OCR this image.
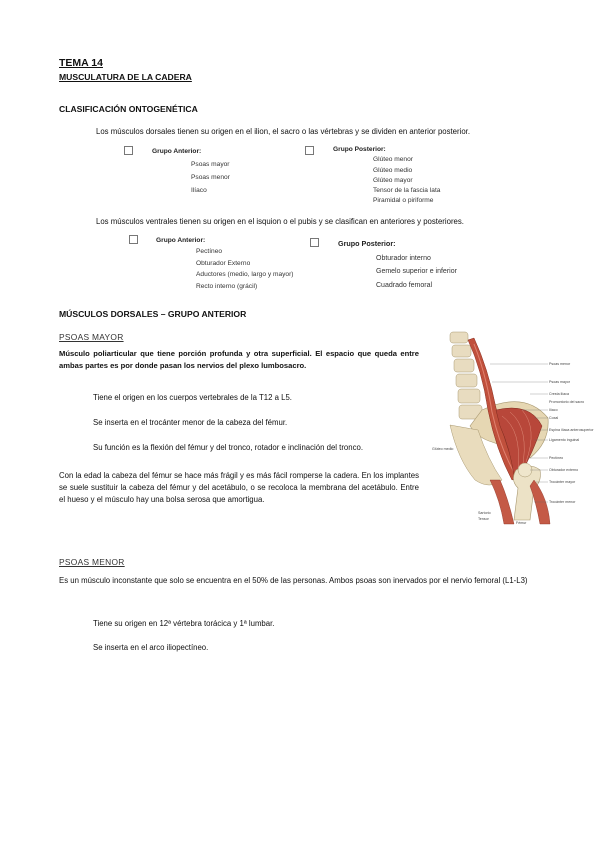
TEMA 14
MUSCULATURA DE LA CADERA
CLASIFICACIÓN ONTOGENÉTICA
Los músculos dorsales tienen su origen en el ilion, el sacro o las vértebras y se dividen en anterior posterior.
Grupo Anterior:
Psoas mayor
Psoas menor
Ilíaco
Grupo Posterior:
Glúteo menor
Glúteo medio
Glúteo mayor
Tensor de la fascia lata
Piramidal o piriforme
Los músculos ventrales tienen su origen en el isquion o el pubis y se clasifican en anteriores y posteriores.
Grupo Anterior:
Pectíneo
Obturador Externo
Aductores (medio, largo y mayor)
Recto interno (grácil)
Grupo Posterior:
Obturador interno
Gemelo superior e inferior
Cuadrado femoral
MÚSCULOS DORSALES – GRUPO ANTERIOR
PSOAS MAYOR
Músculo poliarticular que tiene porción profunda y otra superficial. El espacio que queda entre ambas partes es por donde pasan los nervios del plexo lumbosacro.
Tiene el origen en los cuerpos vertebrales de la T12 a L5.
Se inserta en el trocánter menor de la cabeza del fémur.
Su función es la flexión del fémur y del tronco, rotador e inclinación del tronco.
Con la edad la cabeza del fémur se hace más frágil y es más fácil romperse la cadera. En los implantes se suele sustituir la cabeza del fémur y del acetábulo, o se recoloca la membrana del acetábulo. Entre el hueso y el músculo hay una bolsa serosa que amortigua.
Psoas menor
Psoas mayor
Cresta ilíaca
Promontorio del sacro
Ilíaco
Coxal
Espina ilíaca anterosuperior
Ligamento inguinal
Pectíneo
Obturador externo
Trocánter mayor
Trocánter menor
Sartorio
Tensor
Fémur
Glúteo medio
PSOAS MENOR
Es un músculo inconstante que solo se encuentra en el 50% de las personas. Ambos psoas son inervados por el nervio femoral (L1-L3)
Tiene su origen en 12ª vértebra torácica y 1ª lumbar.
Se inserta en el arco iliopectíneo.
